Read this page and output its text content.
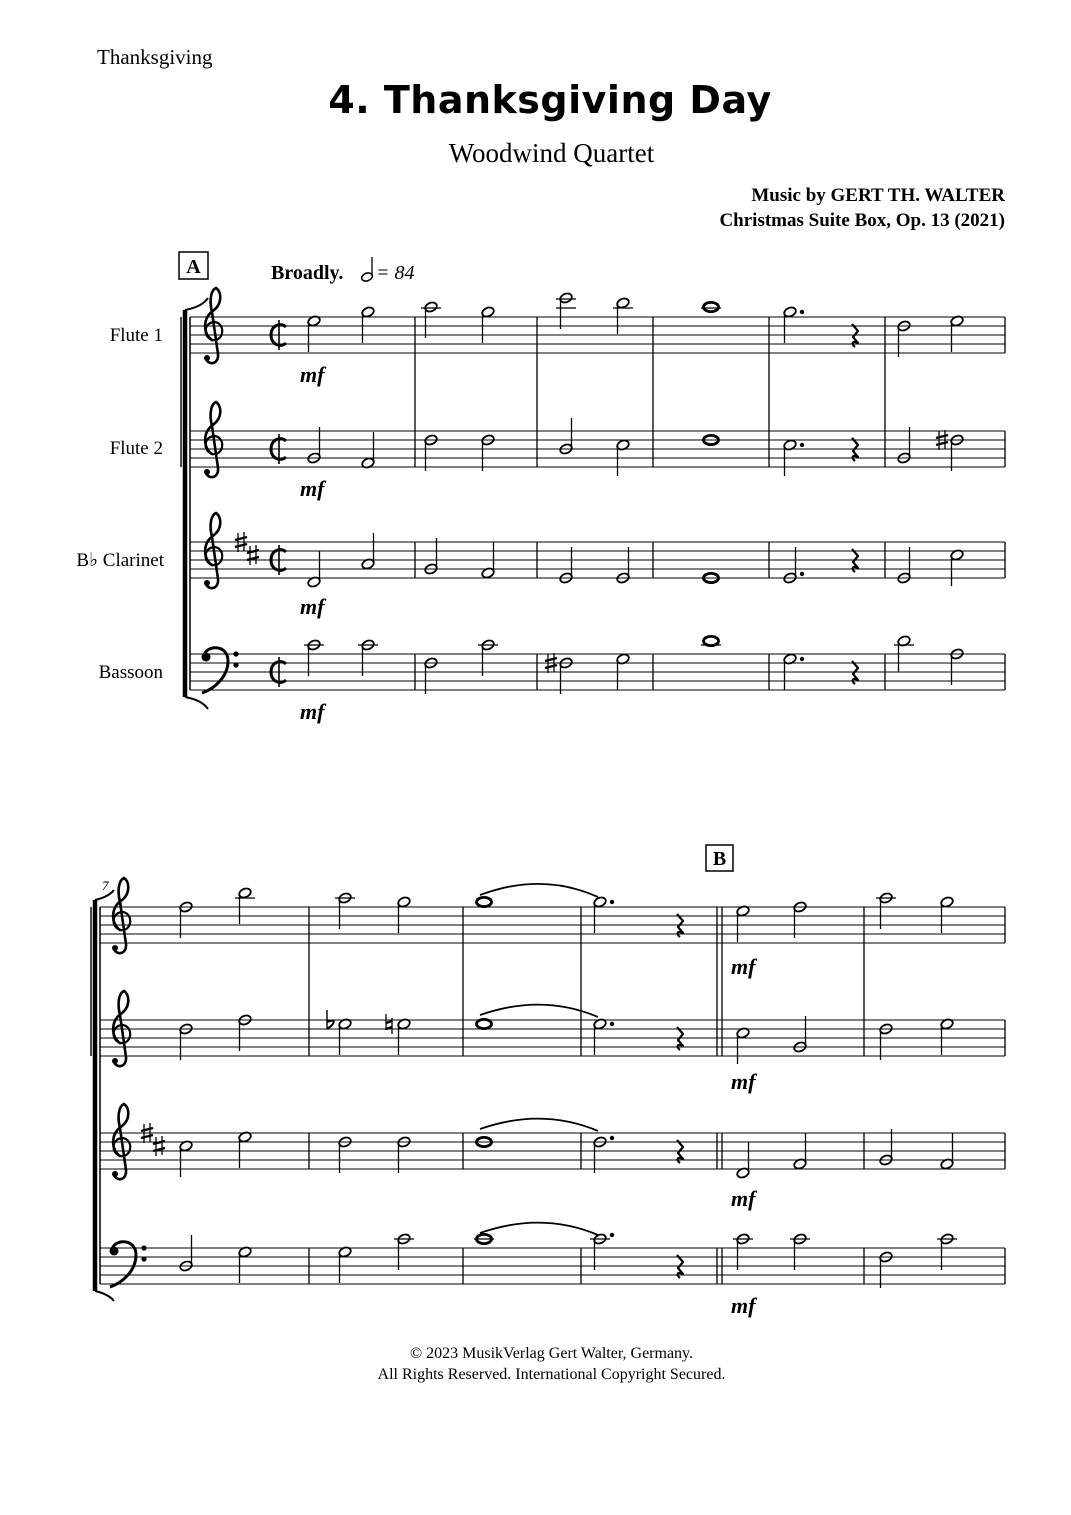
Thanksgiving
4. Thanksgiving Day
Woodwind Quartet
Music by GERT TH. WALTER
Christmas Suite Box, Op. 13 (2021)
© 2023 MusikVerlag Gert Walter, Germany.
All Rights Reserved. International Copyright Secured.
A	Broadly. = 84
Flute 1
Flute 2
B♭ Clarinet
Bassoon
mf
mf
mf
mf
7
B
mf
mf
mf
mf
